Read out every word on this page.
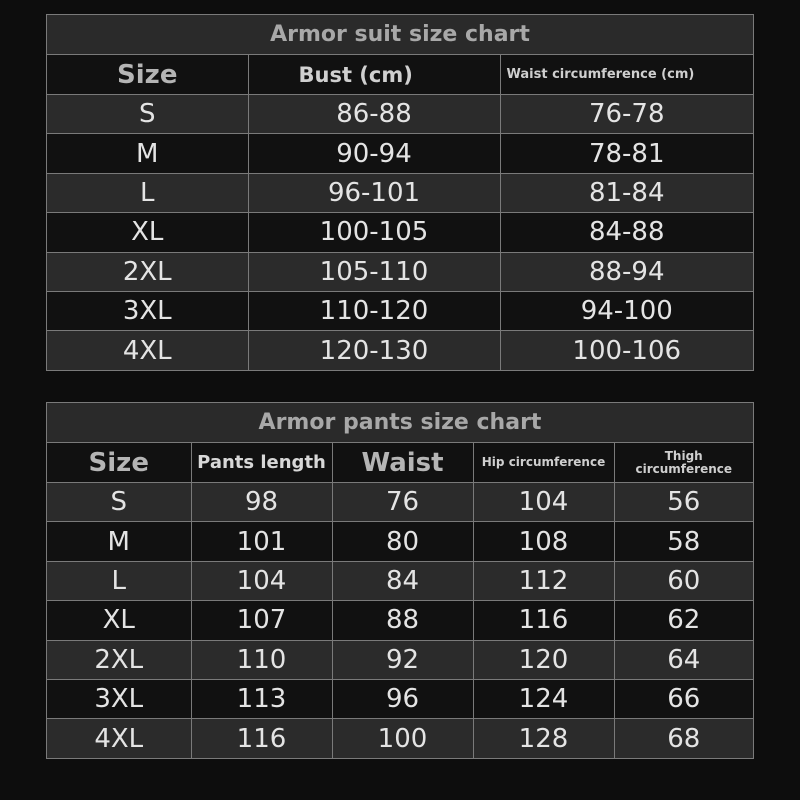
Armor suit size chart
Size	Bust (cm)	Waist circumference (cm)
S	86-88	76-78
M	90-94	78-81
L	96-101	81-84
XL	100-105	84-88
2XL	105-110	88-94
3XL	110-120	94-100
4XL	120-130	100-106
Armor pants size chart
Size	Pants length	Waist	Hip circumference	Thigh circumference
S	98	76	104	56
M	101	80	108	58
L	104	84	112	60
XL	107	88	116	62
2XL	110	92	120	64
3XL	113	96	124	66
4XL	116	100	128	68
